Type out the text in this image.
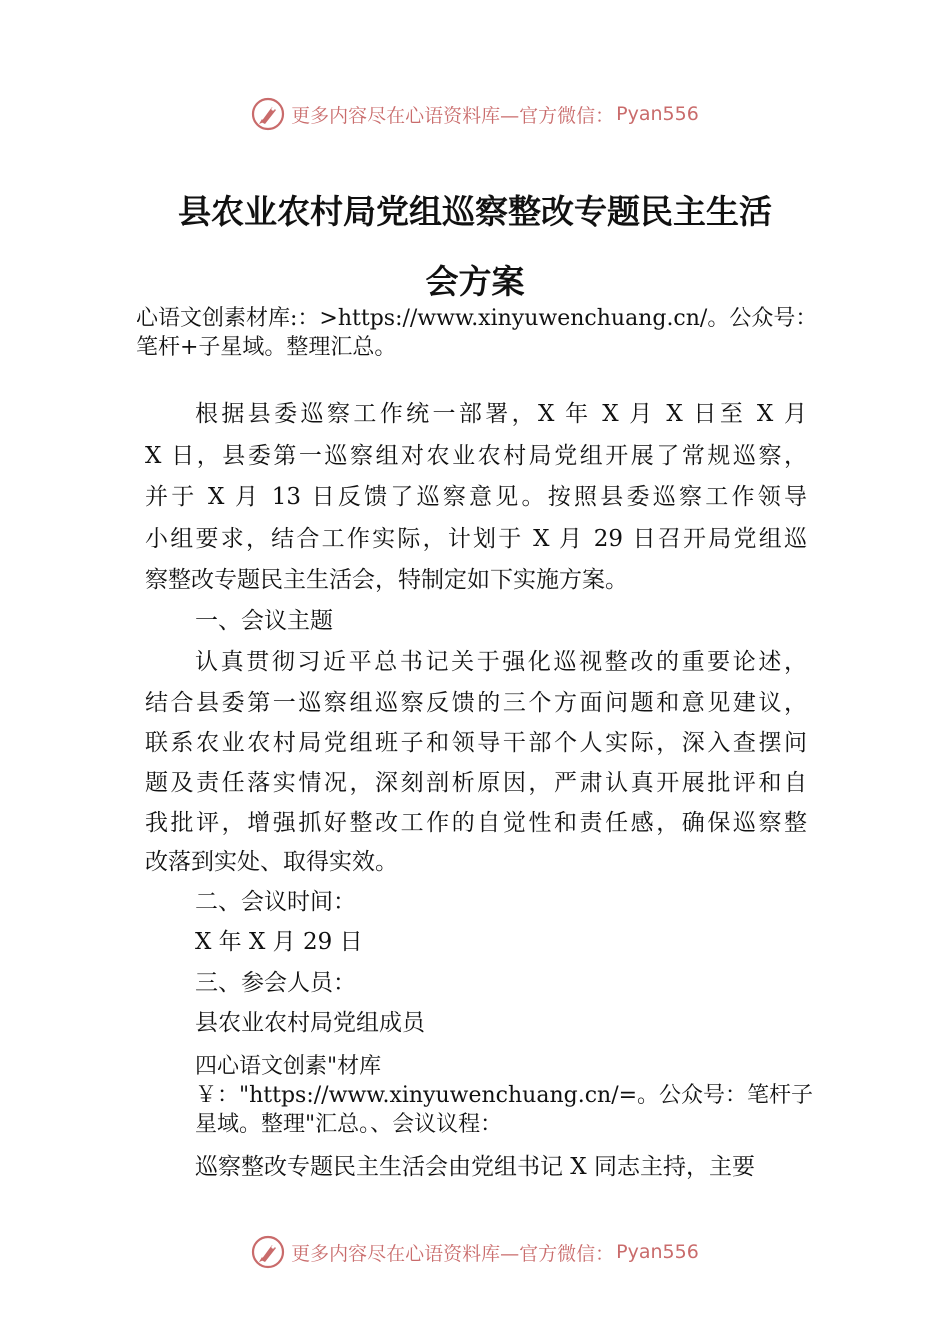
更多内容尽在心语资料库—官方微信： Pyan556
县农业农村局党组巡察整改专题民主生活
会方案
心语文创素材库:：>https://www.xinyuwenchuang.cn/。公众号：笔杆+子星域。整理汇总。
根据县委巡察工作统一部署，X 年 X 月 X 日至 X 月
X 日，县委第一巡察组对农业农村局党组开展了常规巡察，
并于 X 月 13 日反馈了巡察意见。按照县委巡察工作领导
小组要求，结合工作实际，计划于 X 月 29 日召开局党组巡
察整改专题民主生活会，特制定如下实施方案。
一、会议主题
认真贯彻习近平总书记关于强化巡视整改的重要论述，
结合县委第一巡察组巡察反馈的三个方面问题和意见建议，
联系农业农村局党组班子和领导干部个人实际，深入查摆问
题及责任落实情况，深刻剖析原因，严肃认真开展批评和自
我批评，增强抓好整改工作的自觉性和责任感，确保巡察整
改落到实处、取得实效。
二、会议时间：
X 年 X 月 29 日
三、参会人员：
县农业农村局党组成员
四心语文创素"材库￥："https://www.xinyuwenchuang.cn/=。公众号：笔杆子星域。整理"汇总。、会议议程：
巡察整改专题民主生活会由党组书记 X 同志主持，主要
更多内容尽在心语资料库—官方微信： Pyan556
